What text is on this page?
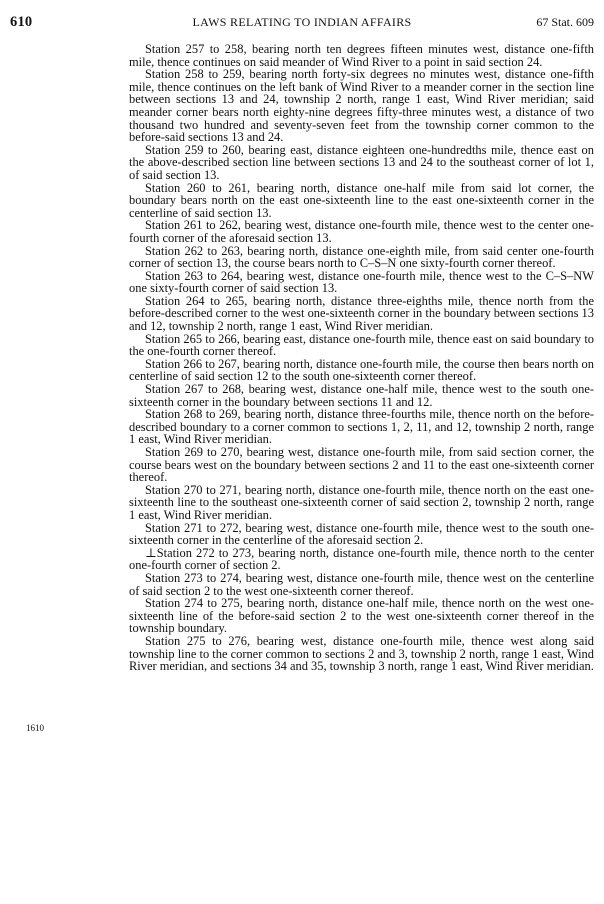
610	LAWS RELATING TO INDIAN AFFAIRS	67 Stat. 609
1610

Station 257 to 258, bearing north ten degrees fifteen minutes west, distance one-fifth mile, thence continues on said meander of Wind River to a point in said section 24.

Station 258 to 259, bearing north forty-six degrees no minutes west, distance one-fifth mile, thence continues on the left bank of Wind River to a meander corner in the section line between sections 13 and 24, township 2 north, range 1 east, Wind River meridian; said meander corner bears north eighty-nine degrees fifty-three minutes west, a distance of two thousand two hundred and seventy-seven feet from the township corner common to the before-said sections 13 and 24.

Station 259 to 260, bearing east, distance eighteen one-hundredths mile, thence east on the above-described section line between sections 13 and 24 to the southeast corner of lot 1, of said section 13.

Station 260 to 261, bearing north, distance one-half mile from said lot corner, the boundary bears north on the east one-sixteenth line to the east one-sixteenth corner in the centerline of said section 13.

Station 261 to 262, bearing west, distance one-fourth mile, thence west to the center one-fourth corner of the aforesaid section 13.

Station 262 to 263, bearing north, distance one-eighth mile, from said center one-fourth corner of section 13, the course bears north to C–S–N one sixty-fourth corner thereof.

Station 263 to 264, bearing west, distance one-fourth mile, thence west to the C–S–NW one sixty-fourth corner of said section 13.

Station 264 to 265, bearing north, distance three-eighths mile, thence north from the before-described corner to the west one-sixteenth corner in the boundary between sections 13 and 12, township 2 north, range 1 east, Wind River meridian.

Station 265 to 266, bearing east, distance one-fourth mile, thence east on said boundary to the one-fourth corner thereof.

Station 266 to 267, bearing north, distance one-fourth mile, the course then bears north on centerline of said section 12 to the south one-sixteenth corner thereof.

Station 267 to 268, bearing west, distance one-half mile, thence west to the south one-sixteenth corner in the boundary between sections 11 and 12.

Station 268 to 269, bearing north, distance three-fourths mile, thence north on the before-described boundary to a corner common to sections 1, 2, 11, and 12, township 2 north, range 1 east, Wind River meridian.

Station 269 to 270, bearing west, distance one-fourth mile, from said section corner, the course bears west on the boundary between sections 2 and 11 to the east one-sixteenth corner thereof.

Station 270 to 271, bearing north, distance one-fourth mile, thence north on the east one-sixteenth line to the southeast one-sixteenth corner of said section 2, township 2 north, range 1 east, Wind River meridian.

Station 271 to 272, bearing west, distance one-fourth mile, thence west to the south one-sixteenth corner in the centerline of the aforesaid section 2.

⊥Station 272 to 273, bearing north, distance one-fourth mile, thence north to the center one-fourth corner of section 2.

Station 273 to 274, bearing west, distance one-fourth mile, thence west on the centerline of said section 2 to the west one-sixteenth corner thereof.

Station 274 to 275, bearing north, distance one-half mile, thence north on the west one-sixteenth line of the before-said section 2 to the west one-sixteenth corner thereof in the township boundary.

Station 275 to 276, bearing west, distance one-fourth mile, thence west along said township line to the corner common to sections 2 and 3, township 2 north, range 1 east, Wind River meridian, and sections 34 and 35, township 3 north, range 1 east, Wind River meridian.
